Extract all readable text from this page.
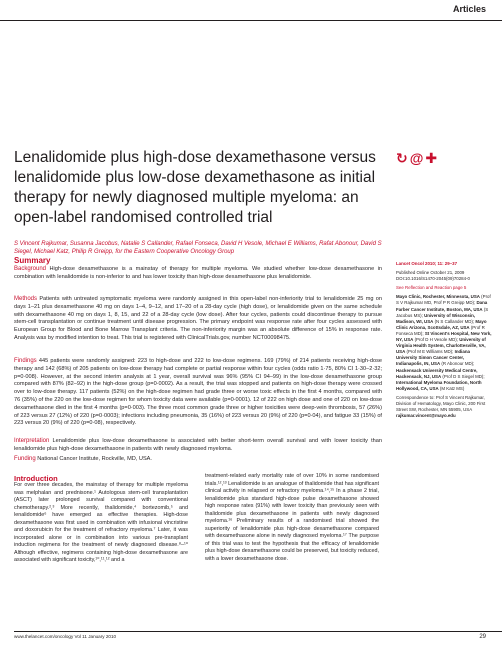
Articles
Lenalidomide plus high-dose dexamethasone versus lenalidomide plus low-dose dexamethasone as initial therapy for newly diagnosed multiple myeloma: an open-label randomised controlled trial
↻ @ ✚
S Vincent Rajkumar, Susanna Jacobus, Natalie S Callander, Rafael Fonseca, David H Vesole, Michael E Williams, Rafat Abonour, David S Siegel, Michael Katz, Philip R Greipp, for the Eastern Cooperative Oncology Group
Summary
Background High-dose dexamethasone is a mainstay of therapy for multiple myeloma. We studied whether low-dose dexamethasone in combination with lenalidomide is non-inferior to and has lower toxicity than high-dose dexamethasone plus lenalidomide.
Methods Patients with untreated symptomatic myeloma were randomly assigned in this open-label non-inferiority trial to lenalidomide 25 mg on days 1–21 plus dexamethasone 40 mg on days 1–4, 9–12, and 17–20 of a 28-day cycle (high dose), or lenalidomide given on the same schedule with dexamethasone 40 mg on days 1, 8, 15, and 22 of a 28-day cycle (low dose). After four cycles, patients could discontinue therapy to pursue stem-cell transplantation or continue treatment until disease progression. The primary endpoint was response rate after four cycles assessed with European Group for Blood and Bone Marrow Transplant criteria. The non-inferiority margin was an absolute difference of 15% in response rate. Analysis was by modified intention to treat. This trial is registered with ClinicalTrials.gov, number NCT00098475.
Findings 445 patients were randomly assigned: 223 to high-dose and 222 to low-dose regimens. 169 (79%) of 214 patients receiving high-dose therapy and 142 (68%) of 205 patients on low-dose therapy had complete or partial response within four cycles (odds ratio 1·75, 80% CI 1·30–2·32; p=0·008). However, at the second interim analysis at 1 year, overall survival was 96% (95% CI 94–99) in the low-dose dexamethasone group compared with 87% (82–92) in the high-dose group (p=0·0002). As a result, the trial was stopped and patients on high-dose therapy were crossed over to low-dose therapy. 117 patients (52%) on the high-dose regimen had grade three or worse toxic effects in the first 4 months, compared with 76 (35%) of the 220 on the low-dose regimen for whom toxicity data were available (p=0·0001). 12 of 222 on high dose and one of 220 on low-dose dexamethasone died in the first 4 months (p=0·003). The three most common grade three or higher toxicities were deep-vein thrombosis, 57 (26%) of 223 versus 27 (12%) of 220 (p=0·0003); infections including pneumonia, 35 (16%) of 223 versus 20 (9%) of 220 (p=0·04), and fatigue 33 (15%) of 223 versus 20 (9%) of 220 (p=0·08), respectively.
Interpretation Lenalidomide plus low-dose dexamethasone is associated with better short-term overall survival and with lower toxicity than lenalidomide plus high-dose dexamethasone in patients with newly diagnosed myeloma.
Funding National Cancer Institute, Rockville, MD, USA.

Lancet Oncol 2010; 11: 29–37

Published Online October 21, 2009 DOI:10.1016/S1470-2045(09)70284-0

See Reflection and Reaction page 5

Mayo Clinic, Rochester, Minnesota, USA (Prof S V Rajkumar MD, Prof P R Greipp MD); Dana Farber Cancer Institute, Boston, MA, USA (S Jacobus MS); University of Wisconsin, Madison, WI, USA (N S Callander MD); Mayo Clinic Arizona, Scottsdale, AZ, USA (Prof R Fonseca MD); St Vincent's Hospital, New York, NY, USA (Prof D H Vesole MD); University of Virginia Health System, Charlottesville, VA, USA (Prof M E Williams MD); Indiana University Simon Cancer Center, Indianapolis, IN, USA (R Abonour MD); Hackensack University Medical Centre, Hackensack, NJ, USA (Prof D S Siegel MD); International Myeloma Foundation, North Hollywood, CA, USA (M Katz MS)

Correspondence to: Prof S Vincent Rajkumar, Division of Hematology, Mayo Clinic, 200 First Street SW, Rochester, MN 55905, USA rajkumar.vincent@mayo.edu

Introduction
For over three decades, the mainstay of therapy for multiple myeloma was melphalan and prednisone.¹ Autologous stem-cell transplantation (ASCT) later prolonged survival compared with conventional chemotherapy.²,³ More recently, thalidomide,⁴ bortezomib,⁵ and lenalidomide⁶ have emerged as effective therapies. High-dose dexamethasone was first used in combination with infusional vincristine and doxorubicin for the treatment of refractory myeloma.⁷ Later, it was incorporated alone or in combination into various pre-transplant induction regimens for the treatment of newly diagnosed disease.⁸–¹⁰ Although effective, regimens containing high-dose dexamethasone are associated with significant toxicity,¹⁰,¹¹,¹² and a
treatment-related early mortality rate of over 10% in some randomised trials.¹²,¹³ Lenalidomide is an analogue of thalidomide that has significant clinical activity in relapsed or refractory myeloma.¹⁴,¹⁵ In a phase 2 trial, lenalidomide plus standard high-dose pulse dexamethasone showed high response rates (91%) with lower toxicity than previously seen with thalidomide plus dexamethasone in patients with newly diagnosed myeloma.¹⁶ Preliminary results of a randomised trial showed the superiority of lenalidomide plus high-dose dexamethasone compared with dexamethasone alone in newly diagnosed myeloma.¹⁷ The purpose of this trial was to test the hypothesis that the efficacy of lenalidomide plus high-dose dexamethasone could be preserved, but toxicity reduced, with a lower dexamethasone dose.
www.thelancet.com/oncology Vol 11 January 2010	29
